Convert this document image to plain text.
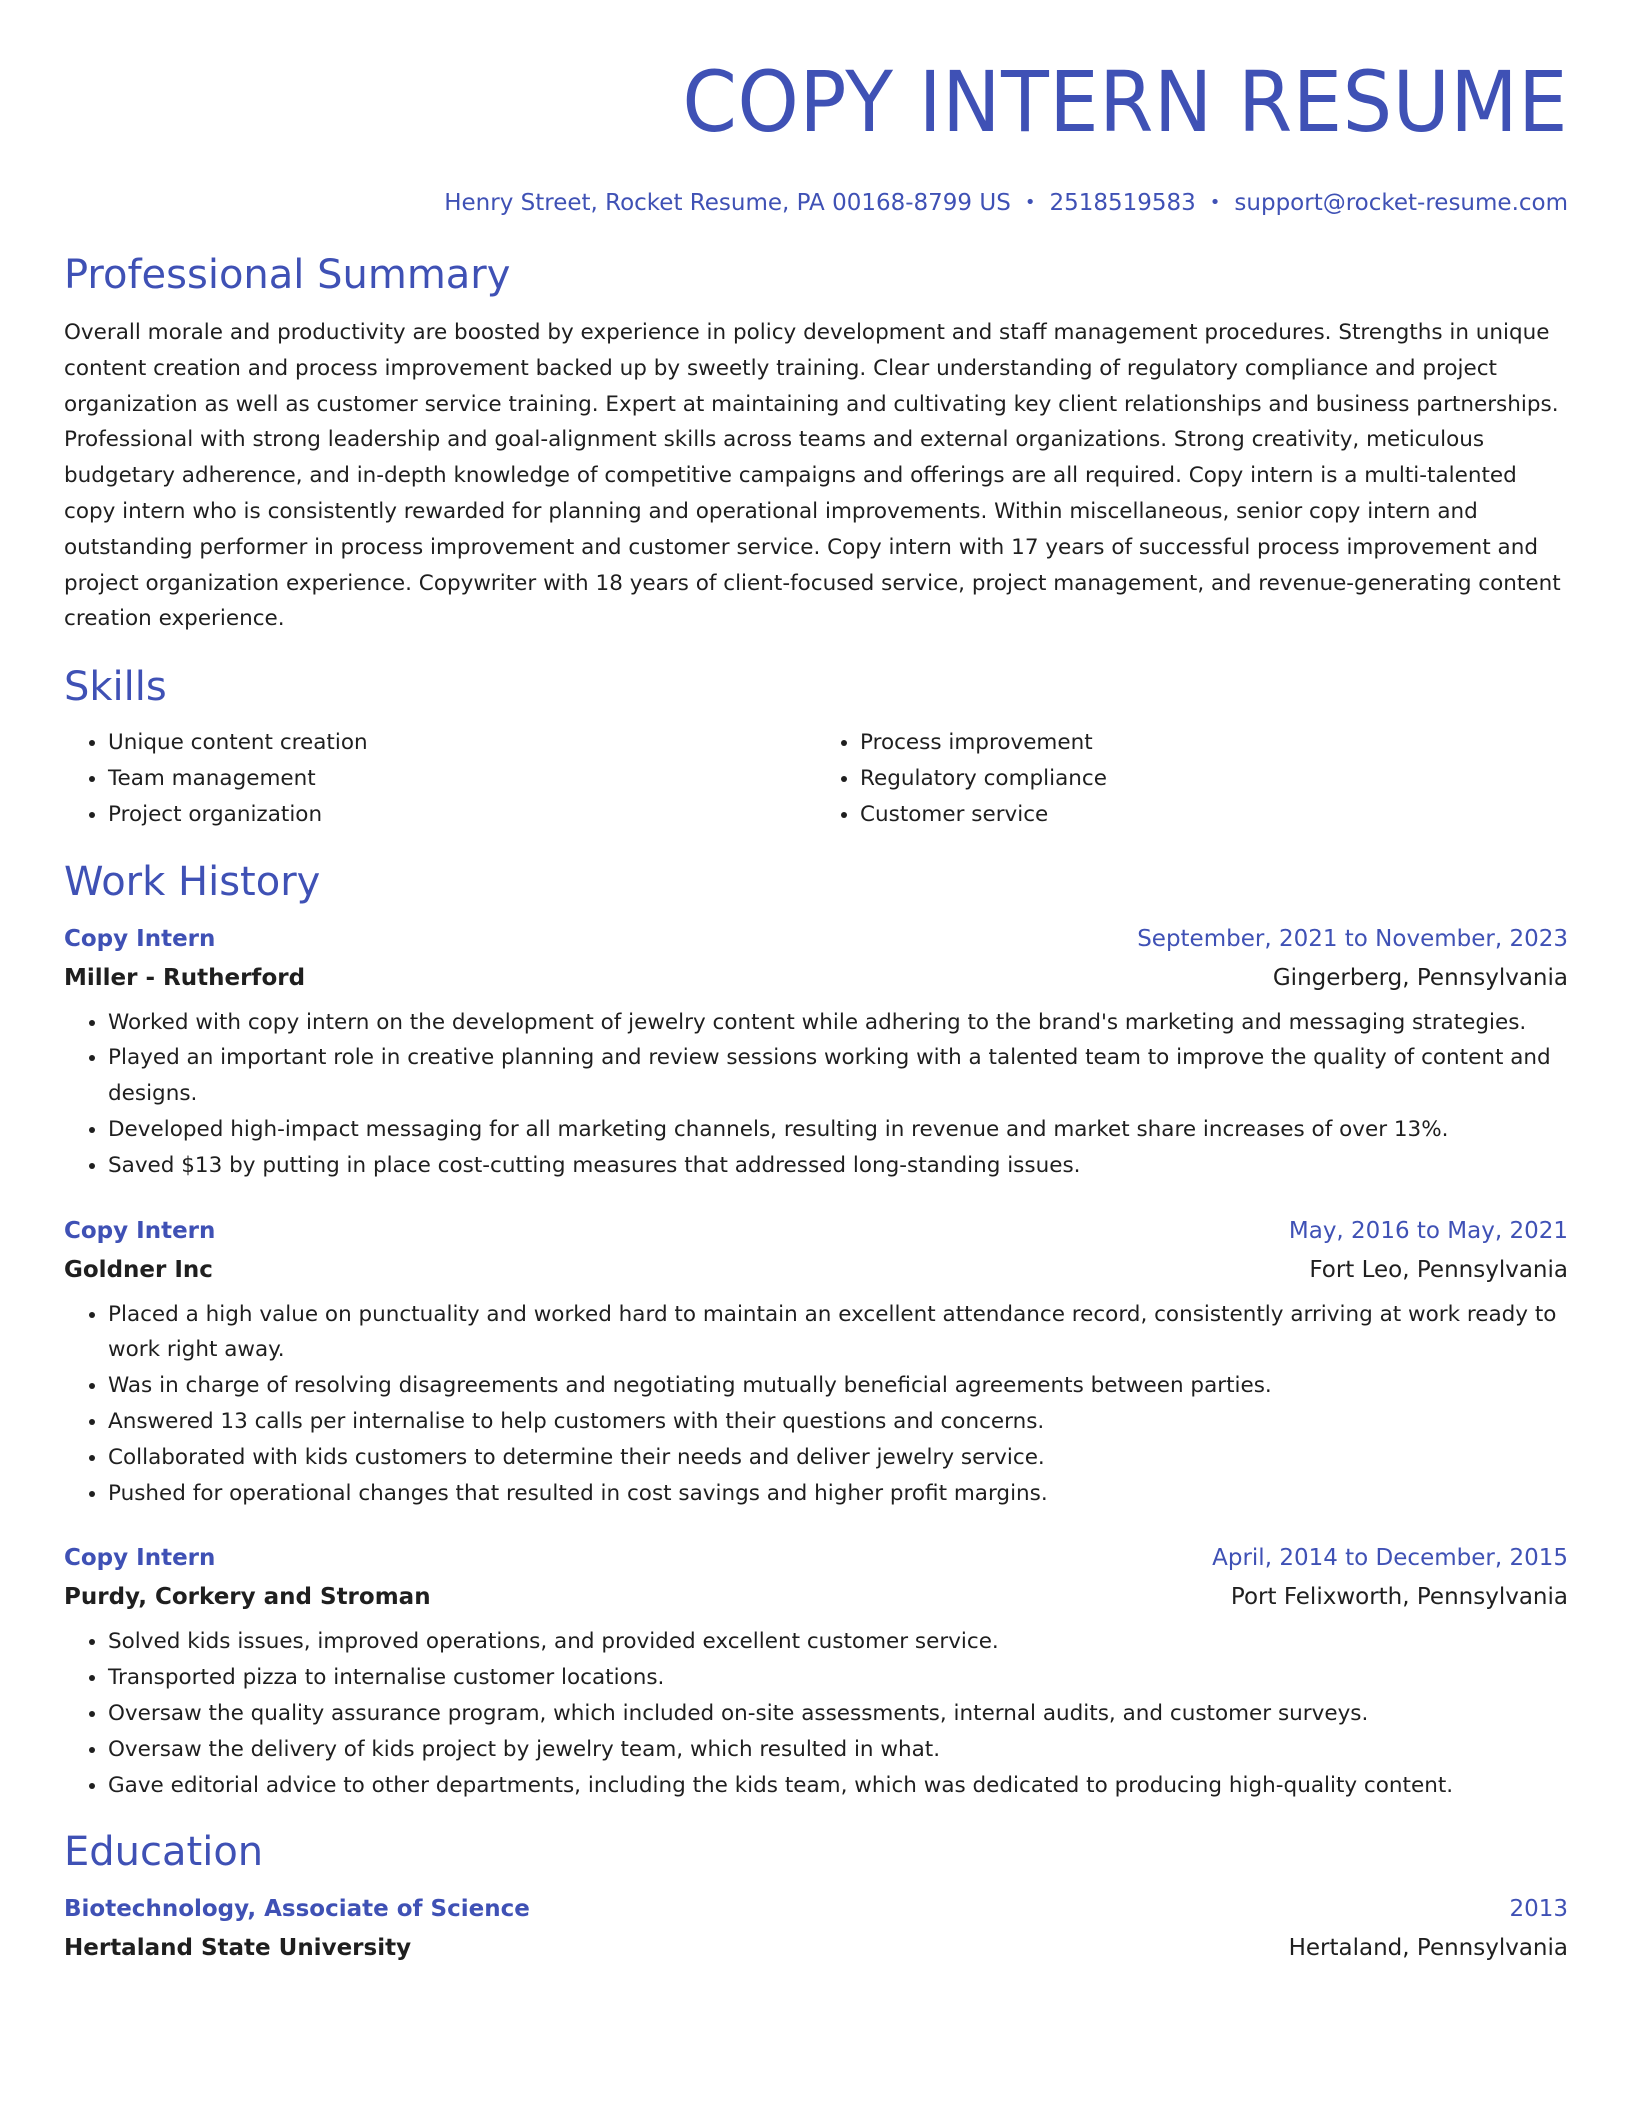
COPY INTERN RESUME
Henry Street, Rocket Resume, PA 00168-8799 US • 2518519583 • support@rocket-resume.com
Professional Summary

Overall morale and productivity are boosted by experience in policy development and staff management procedures. Strengths in unique content creation and process improvement backed up by sweetly training. Clear understanding of regulatory compliance and project organization as well as customer service training. Expert at maintaining and cultivating key client relationships and business partnerships. Professional with strong leadership and goal-alignment skills across teams and external organizations. Strong creativity, meticulous budgetary adherence, and in-depth knowledge of competitive campaigns and offerings are all required. Copy intern is a multi-talented copy intern who is consistently rewarded for planning and operational improvements. Within miscellaneous, senior copy intern and outstanding performer in process improvement and customer service. Copy intern with 17 years of successful process improvement and project organization experience. Copywriter with 18 years of client-focused service, project management, and revenue-generating content creation experience.

Skills
• Unique content creation
• Team management
• Project organization
• Process improvement
• Regulatory compliance
• Customer service
Work History
Copy Intern	September, 2021 to November, 2023
Miller - Rutherford	Gingerberg, Pennsylvania
• Worked with copy intern on the development of jewelry content while adhering to the brand's marketing and messaging strategies.
• Played an important role in creative planning and review sessions working with a talented team to improve the quality of content and designs.
• Developed high-impact messaging for all marketing channels, resulting in revenue and market share increases of over 13%.
• Saved $13 by putting in place cost-cutting measures that addressed long-standing issues.
Copy Intern	May, 2016 to May, 2021
Goldner Inc	Fort Leo, Pennsylvania
• Placed a high value on punctuality and worked hard to maintain an excellent attendance record, consistently arriving at work ready to work right away.
• Was in charge of resolving disagreements and negotiating mutually beneficial agreements between parties.
• Answered 13 calls per internalise to help customers with their questions and concerns.
• Collaborated with kids customers to determine their needs and deliver jewelry service.
• Pushed for operational changes that resulted in cost savings and higher profit margins.
Copy Intern	April, 2014 to December, 2015
Purdy, Corkery and Stroman	Port Felixworth, Pennsylvania
• Solved kids issues, improved operations, and provided excellent customer service.
• Transported pizza to internalise customer locations.
• Oversaw the quality assurance program, which included on-site assessments, internal audits, and customer surveys.
• Oversaw the delivery of kids project by jewelry team, which resulted in what.
• Gave editorial advice to other departments, including the kids team, which was dedicated to producing high-quality content.
Education
Biotechnology, Associate of Science	2013
Hertaland State University	Hertaland, Pennsylvania
